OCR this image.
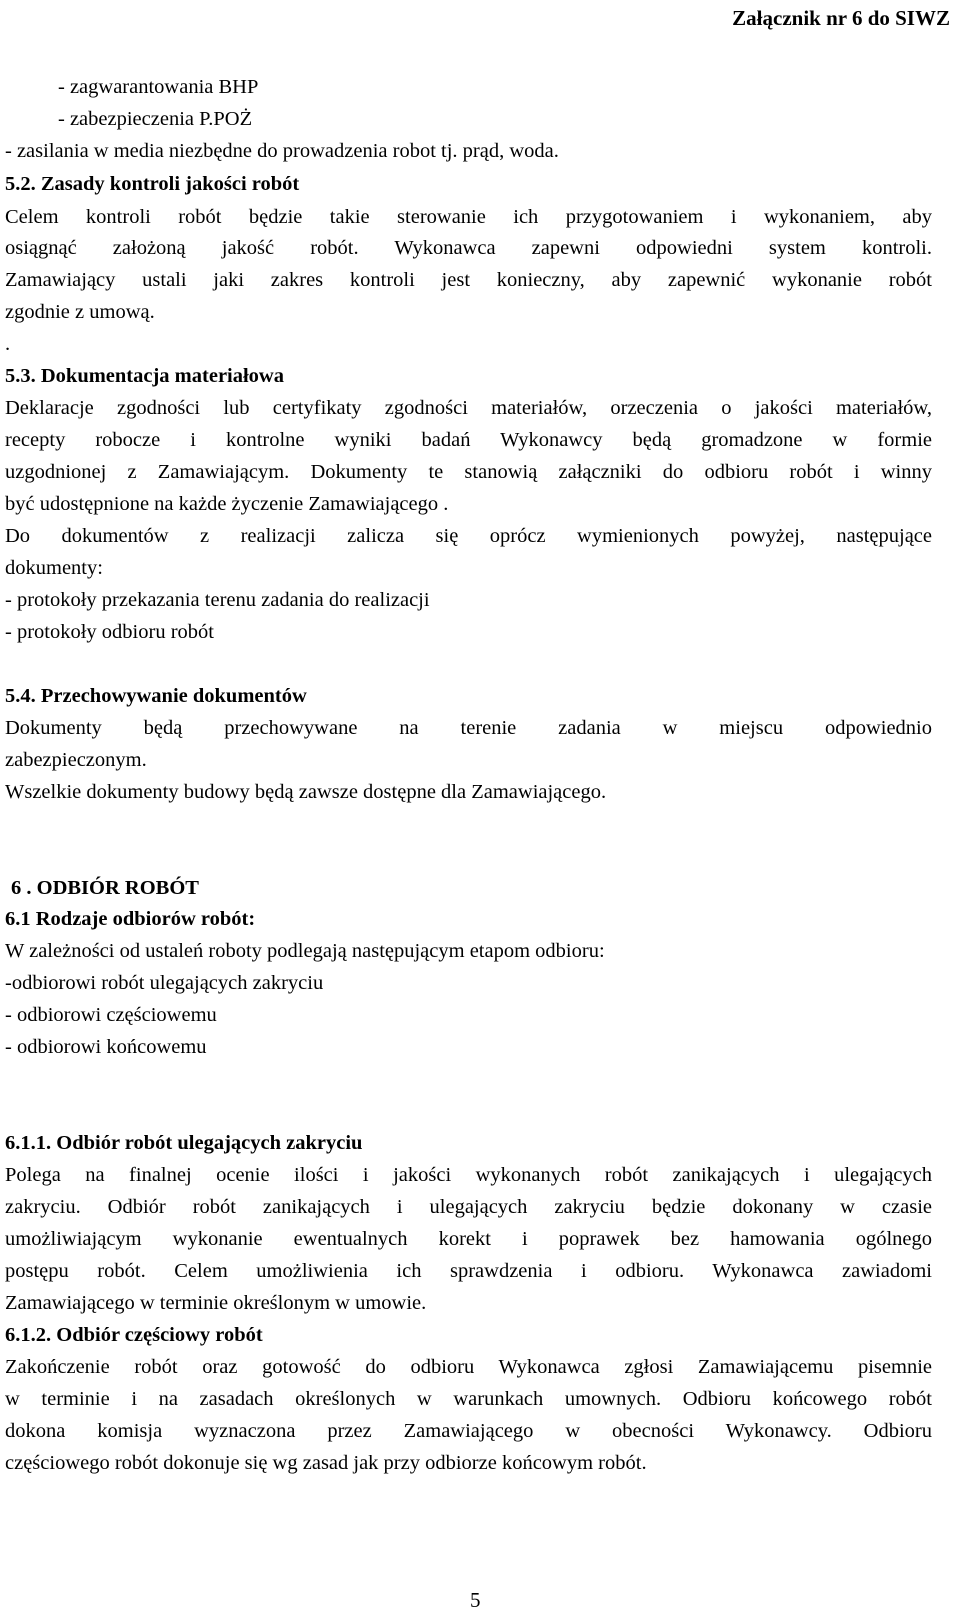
Załącznik nr 6 do SIWZ
- zagwarantowania BHP
- zabezpieczenia P.POŻ
- zasilania w media niezbędne do prowadzenia robot tj. prąd, woda.
5.2. Zasady kontroli jakości robót
Celem kontroli robót będzie takie sterowanie ich przygotowaniem i wykonaniem, aby
osiągnąć założoną jakość robót. Wykonawca zapewni odpowiedni system kontroli.
Zamawiający ustali jaki zakres kontroli jest konieczny, aby zapewnić wykonanie robót
zgodnie z umową.
.
5.3. Dokumentacja materiałowa
Deklaracje zgodności lub certyfikaty zgodności materiałów, orzeczenia o jakości materiałów,
recepty robocze i kontrolne wyniki badań Wykonawcy będą gromadzone w formie
uzgodnionej z Zamawiającym. Dokumenty te stanowią załączniki do odbioru robót i winny
być udostępnione na każde życzenie Zamawiającego .
Do dokumentów z realizacji zalicza się oprócz wymienionych powyżej, następujące
dokumenty:
- protokoły przekazania terenu zadania do realizacji
- protokoły odbioru robót
5.4. Przechowywanie dokumentów
Dokumenty będą przechowywane na terenie zadania w miejscu odpowiednio
zabezpieczonym.
Wszelkie dokumenty budowy będą zawsze dostępne dla Zamawiającego.
6 . ODBIÓR ROBÓT
6.1 Rodzaje odbiorów robót:
W zależności od ustaleń roboty podlegają następującym etapom odbioru:
-odbiorowi robót ulegających zakryciu
- odbiorowi częściowemu
- odbiorowi końcowemu
6.1.1. Odbiór robót ulegających zakryciu
Polega na finalnej ocenie ilości i jakości wykonanych robót zanikających i ulegających
zakryciu. Odbiór robót zanikających i ulegających zakryciu będzie dokonany w czasie
umożliwiającym wykonanie ewentualnych korekt i poprawek bez hamowania ogólnego
postępu robót. Celem umożliwienia ich sprawdzenia i odbioru. Wykonawca zawiadomi
Zamawiającego w terminie określonym w umowie.
6.1.2. Odbiór częściowy robót
Zakończenie robót oraz gotowość do odbioru Wykonawca zgłosi Zamawiającemu pisemnie
w terminie i na zasadach określonych w warunkach umownych. Odbioru końcowego robót
dokona komisja wyznaczona przez Zamawiającego w obecności Wykonawcy. Odbioru
częściowego robót dokonuje się wg zasad jak przy odbiorze końcowym robót.
5
